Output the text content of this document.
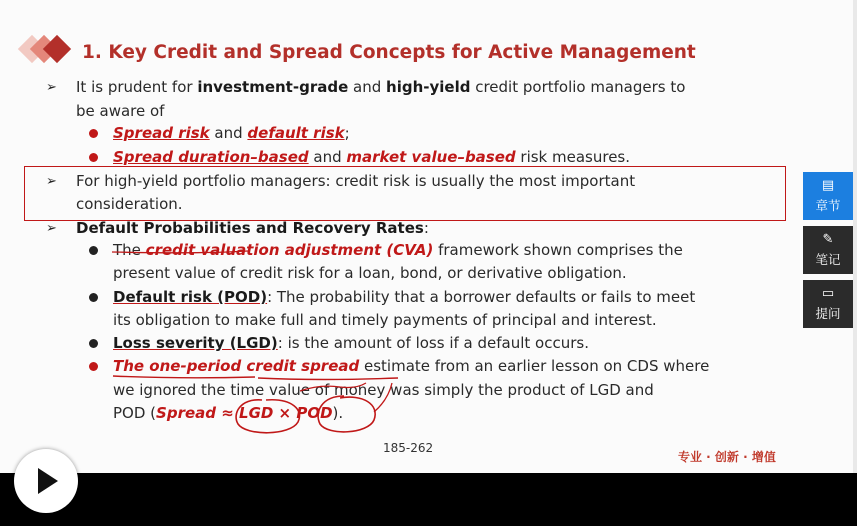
1. Key Credit and Spread Concepts for Active Management
➢ It is prudent for investment-grade and high-yield credit portfolio managers to
be aware of
Spread risk and default risk;
Spread duration–based and market value–based risk measures.
➢ For high-yield portfolio managers: credit risk is usually the most important
consideration.
➢ Default Probabilities and Recovery Rates:
The credit valuation adjustment (CVA) framework shown comprises the
present value of credit risk for a loan, bond, or derivative obligation.
Default risk (POD): The probability that a borrower defaults or fails to meet
its obligation to make full and timely payments of principal and interest.
Loss severity (LGD): is the amount of loss if a default occurs.
The one-period credit spread estimate from an earlier lesson on CDS where
we ignored the time value of money was simply the product of LGD and
POD (Spread ≈ LGD × POD).
185-262
专业 · 创新 · 增值
▤
章节
✎
笔记
▭
提问
